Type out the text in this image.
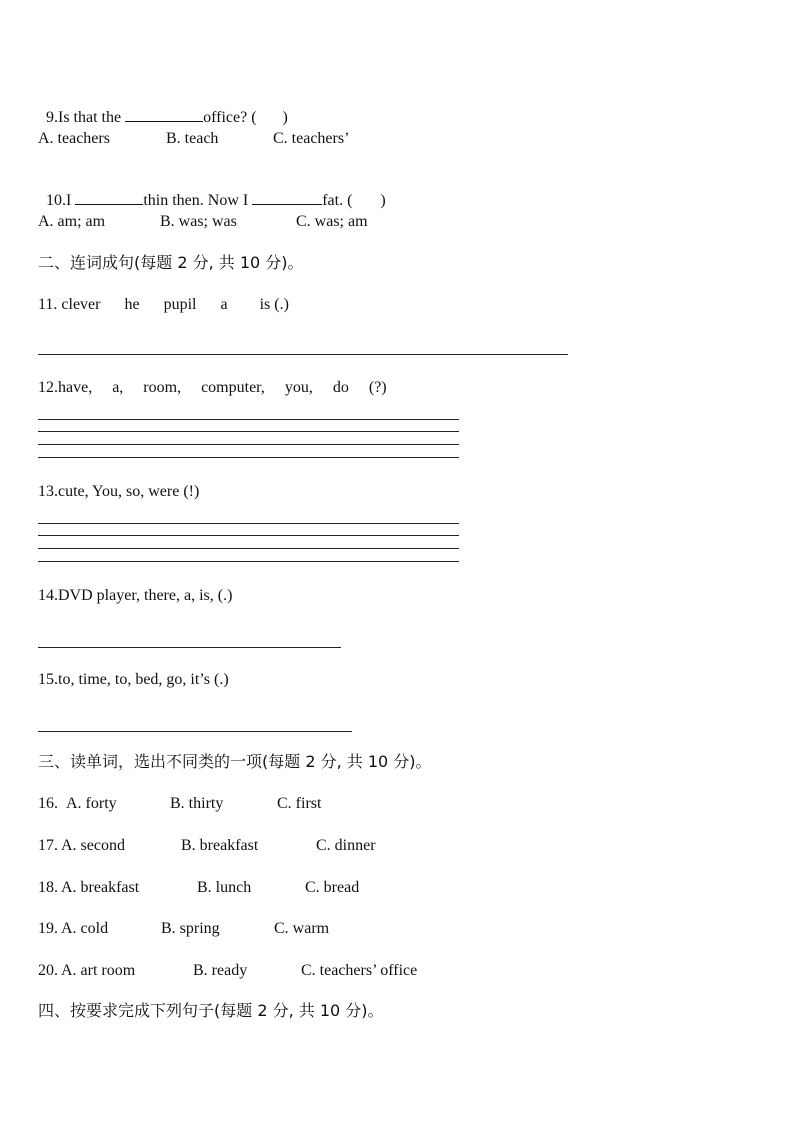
9.Is that the	office? ( )

A. teachers	B. teach	C. teachers’

10.I	thin then. Now I	fat. ( )

A. am; am	B. was; was	C. was; am
二、连词成句(每题 2 分, 共 10 分)。
11. clever      he      pupil      a        is (.)
12.have,     a,     room,     computer,     you,     do     (?)
13.cute, You, so, were (!)
14.DVD player, there, a, is, (.)
15.to, time, to, bed, go, it’s (.)
三、读单词，选出不同类的一项(每题 2 分, 共 10 分)。
16. A. forty	B. thirty	C. first
17. A. second	B. breakfast	C. dinner
18. A. breakfast	B. lunch	C. bread
19. A. cold	B. spring	C. warm
20. A. art room	B. ready	C. teachers’ office
四、按要求完成下列句子(每题 2 分, 共 10 分)。
